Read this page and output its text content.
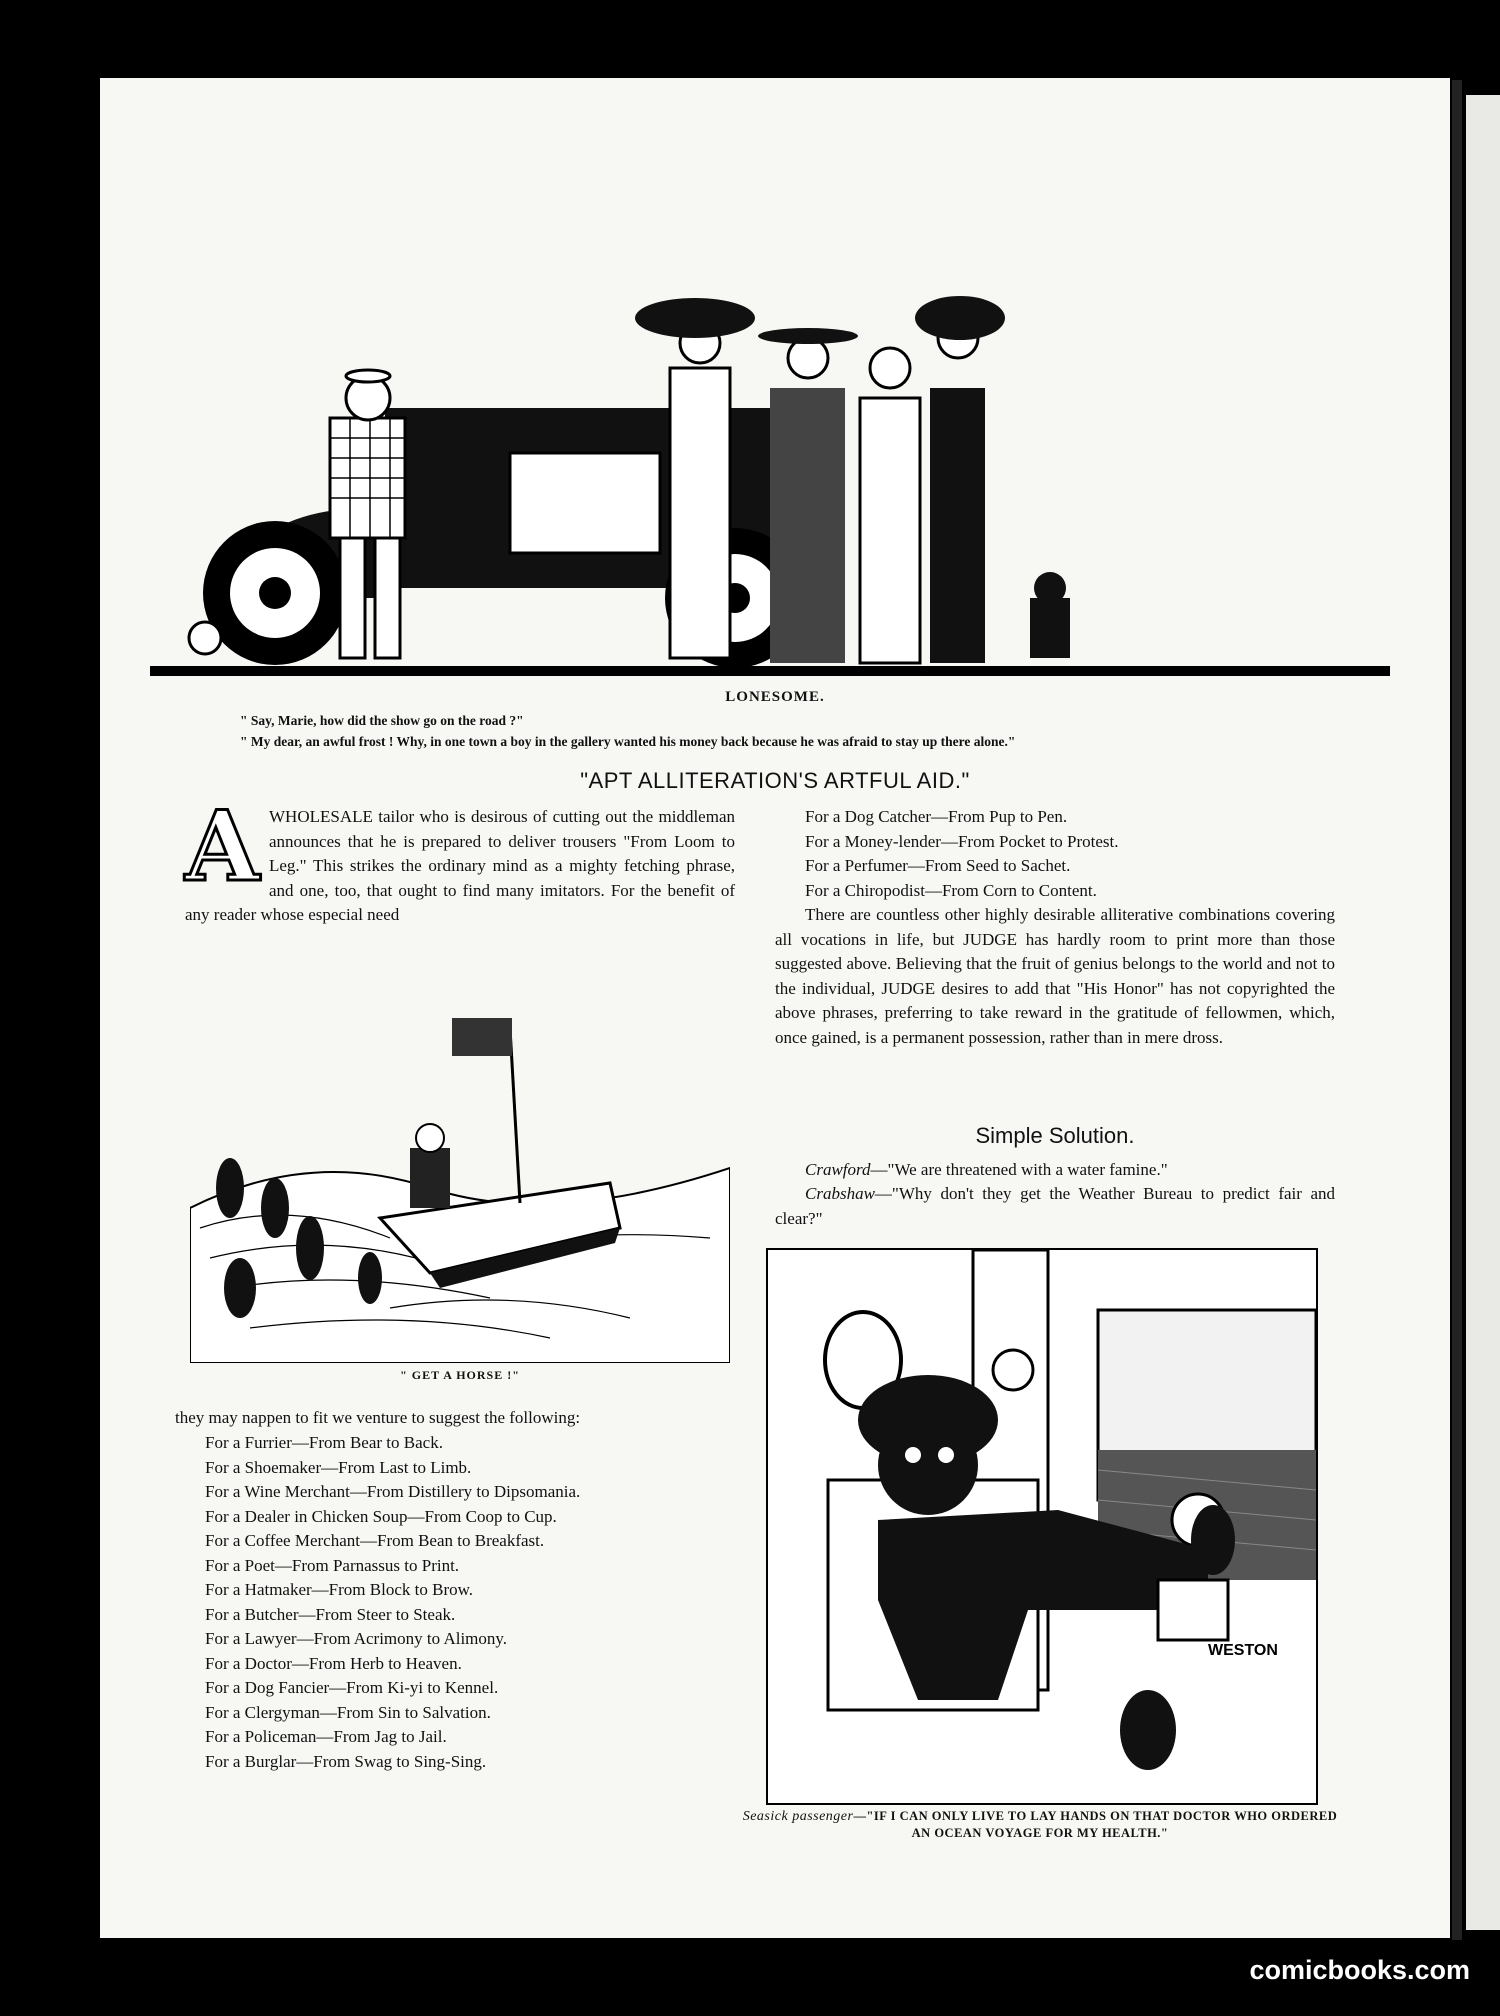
LONESOME.
" Say, Marie, how did the show go on the road ?"
" My dear, an awful frost ! Why, in one town a boy in the gallery wanted his money back because he was afraid to stay up there alone."
"APT ALLITERATION'S ARTFUL AID."
A WHOLESALE tailor who is desirous of cutting out the middleman announces that he is prepared to deliver trousers "From Loom to Leg." This strikes the ordinary mind as a mighty fetching phrase, and one, too, that ought to find many imitators. For the benefit of any reader whose especial need
" GET A HORSE !"
they may nappen to fit we venture to suggest the following:
For a Furrier—From Bear to Back.
For a Shoemaker—From Last to Limb.
For a Wine Merchant—From Distillery to Dipsomania.
For a Dealer in Chicken Soup—From Coop to Cup.
For a Coffee Merchant—From Bean to Breakfast.
For a Poet—From Parnassus to Print.
For a Hatmaker—From Block to Brow.
For a Butcher—From Steer to Steak.
For a Lawyer—From Acrimony to Alimony.
For a Doctor—From Herb to Heaven.
For a Dog Fancier—From Ki-yi to Kennel.
For a Clergyman—From Sin to Salvation.
For a Policeman—From Jag to Jail.
For a Burglar—From Swag to Sing-Sing.
For a Dog Catcher—From Pup to Pen.
For a Money-lender—From Pocket to Protest.
For a Perfumer—From Seed to Sachet.
For a Chiropodist—From Corn to Content.
There are countless other highly desirable alliterative combinations covering all vocations in life, but JUDGE has hardly room to print more than those suggested above. Believing that the fruit of genius belongs to the world and not to the individual, JUDGE desires to add that "His Honor" has not copyrighted the above phrases, preferring to take reward in the gratitude of fellowmen, which, once gained, is a permanent possession, rather than in mere dross.
Simple Solution.
Crawford—"We are threatened with a water famine."
Crabshaw—"Why don't they get the Weather Bureau to predict fair and clear?"
WESTON
Seasick passenger—"IF I CAN ONLY LIVE TO LAY HANDS ON THAT DOCTOR WHO ORDERED AN OCEAN VOYAGE FOR MY HEALTH."
comicbooks.com
